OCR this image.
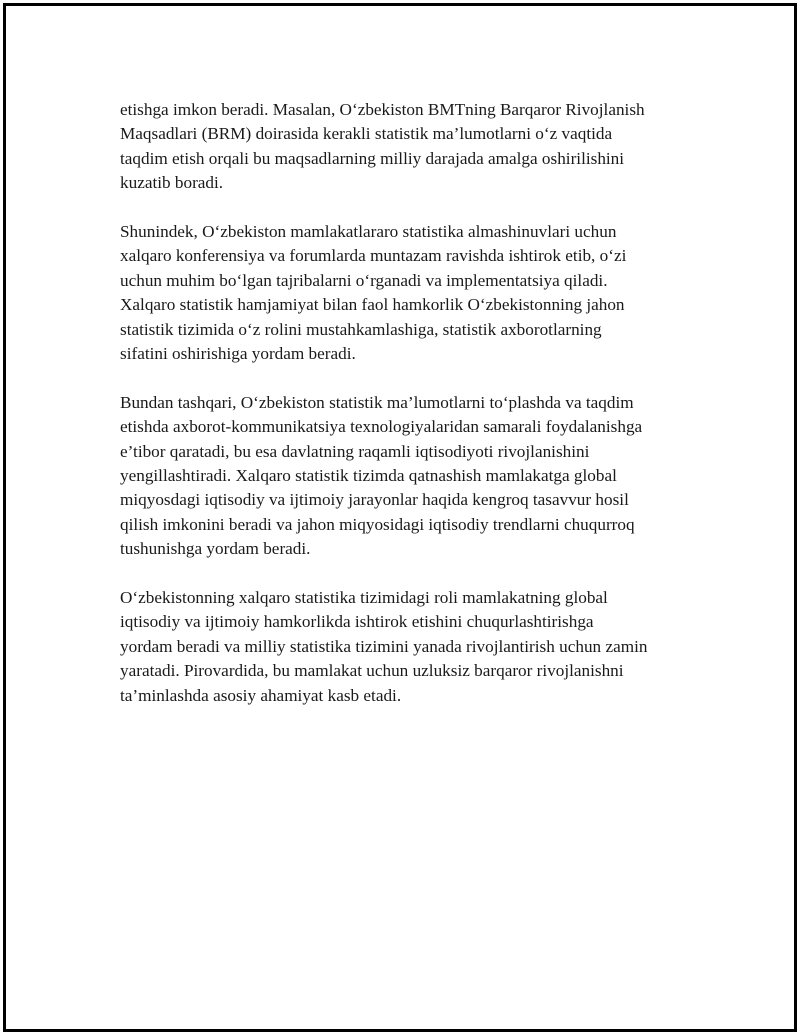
etishga imkon beradi. Masalan, O‘zbekiston BMTning Barqaror Rivojlanish
Maqsadlari (BRM) doirasida kerakli statistik ma’lumotlarni o‘z vaqtida
taqdim etish orqali bu maqsadlarning milliy darajada amalga oshirilishini
kuzatib boradi.

Shunindek, O‘zbekiston mamlakatlararo statistika almashinuvlari uchun
xalqaro konferensiya va forumlarda muntazam ravishda ishtirok etib, o‘zi
uchun muhim bo‘lgan tajribalarni o‘rganadi va implementatsiya qiladi.
Xalqaro statistik hamjamiyat bilan faol hamkorlik O‘zbekistonning jahon
statistik tizimida o‘z rolini mustahkamlashiga, statistik axborotlarning
sifatini oshirishiga yordam beradi.

Bundan tashqari, O‘zbekiston statistik ma’lumotlarni to‘plashda va taqdim
etishda axborot-kommunikatsiya texnologiyalaridan samarali foydalanishga
e’tibor qaratadi, bu esa davlatning raqamli iqtisodiyoti rivojlanishini
yengillashtiradi. Xalqaro statistik tizimda qatnashish mamlakatga global
miqyosdagi iqtisodiy va ijtimoiy jarayonlar haqida kengroq tasavvur hosil
qilish imkonini beradi va jahon miqyosidagi iqtisodiy trendlarni chuqurroq
tushunishga yordam beradi.

O‘zbekistonning xalqaro statistika tizimidagi roli mamlakatning global
iqtisodiy va ijtimoiy hamkorlikda ishtirok etishini chuqurlashtirishga
yordam beradi va milliy statistika tizimini yanada rivojlantirish uchun zamin
yaratadi. Pirovardida, bu mamlakat uchun uzluksiz barqaror rivojlanishni
ta’minlashda asosiy ahamiyat kasb etadi.
